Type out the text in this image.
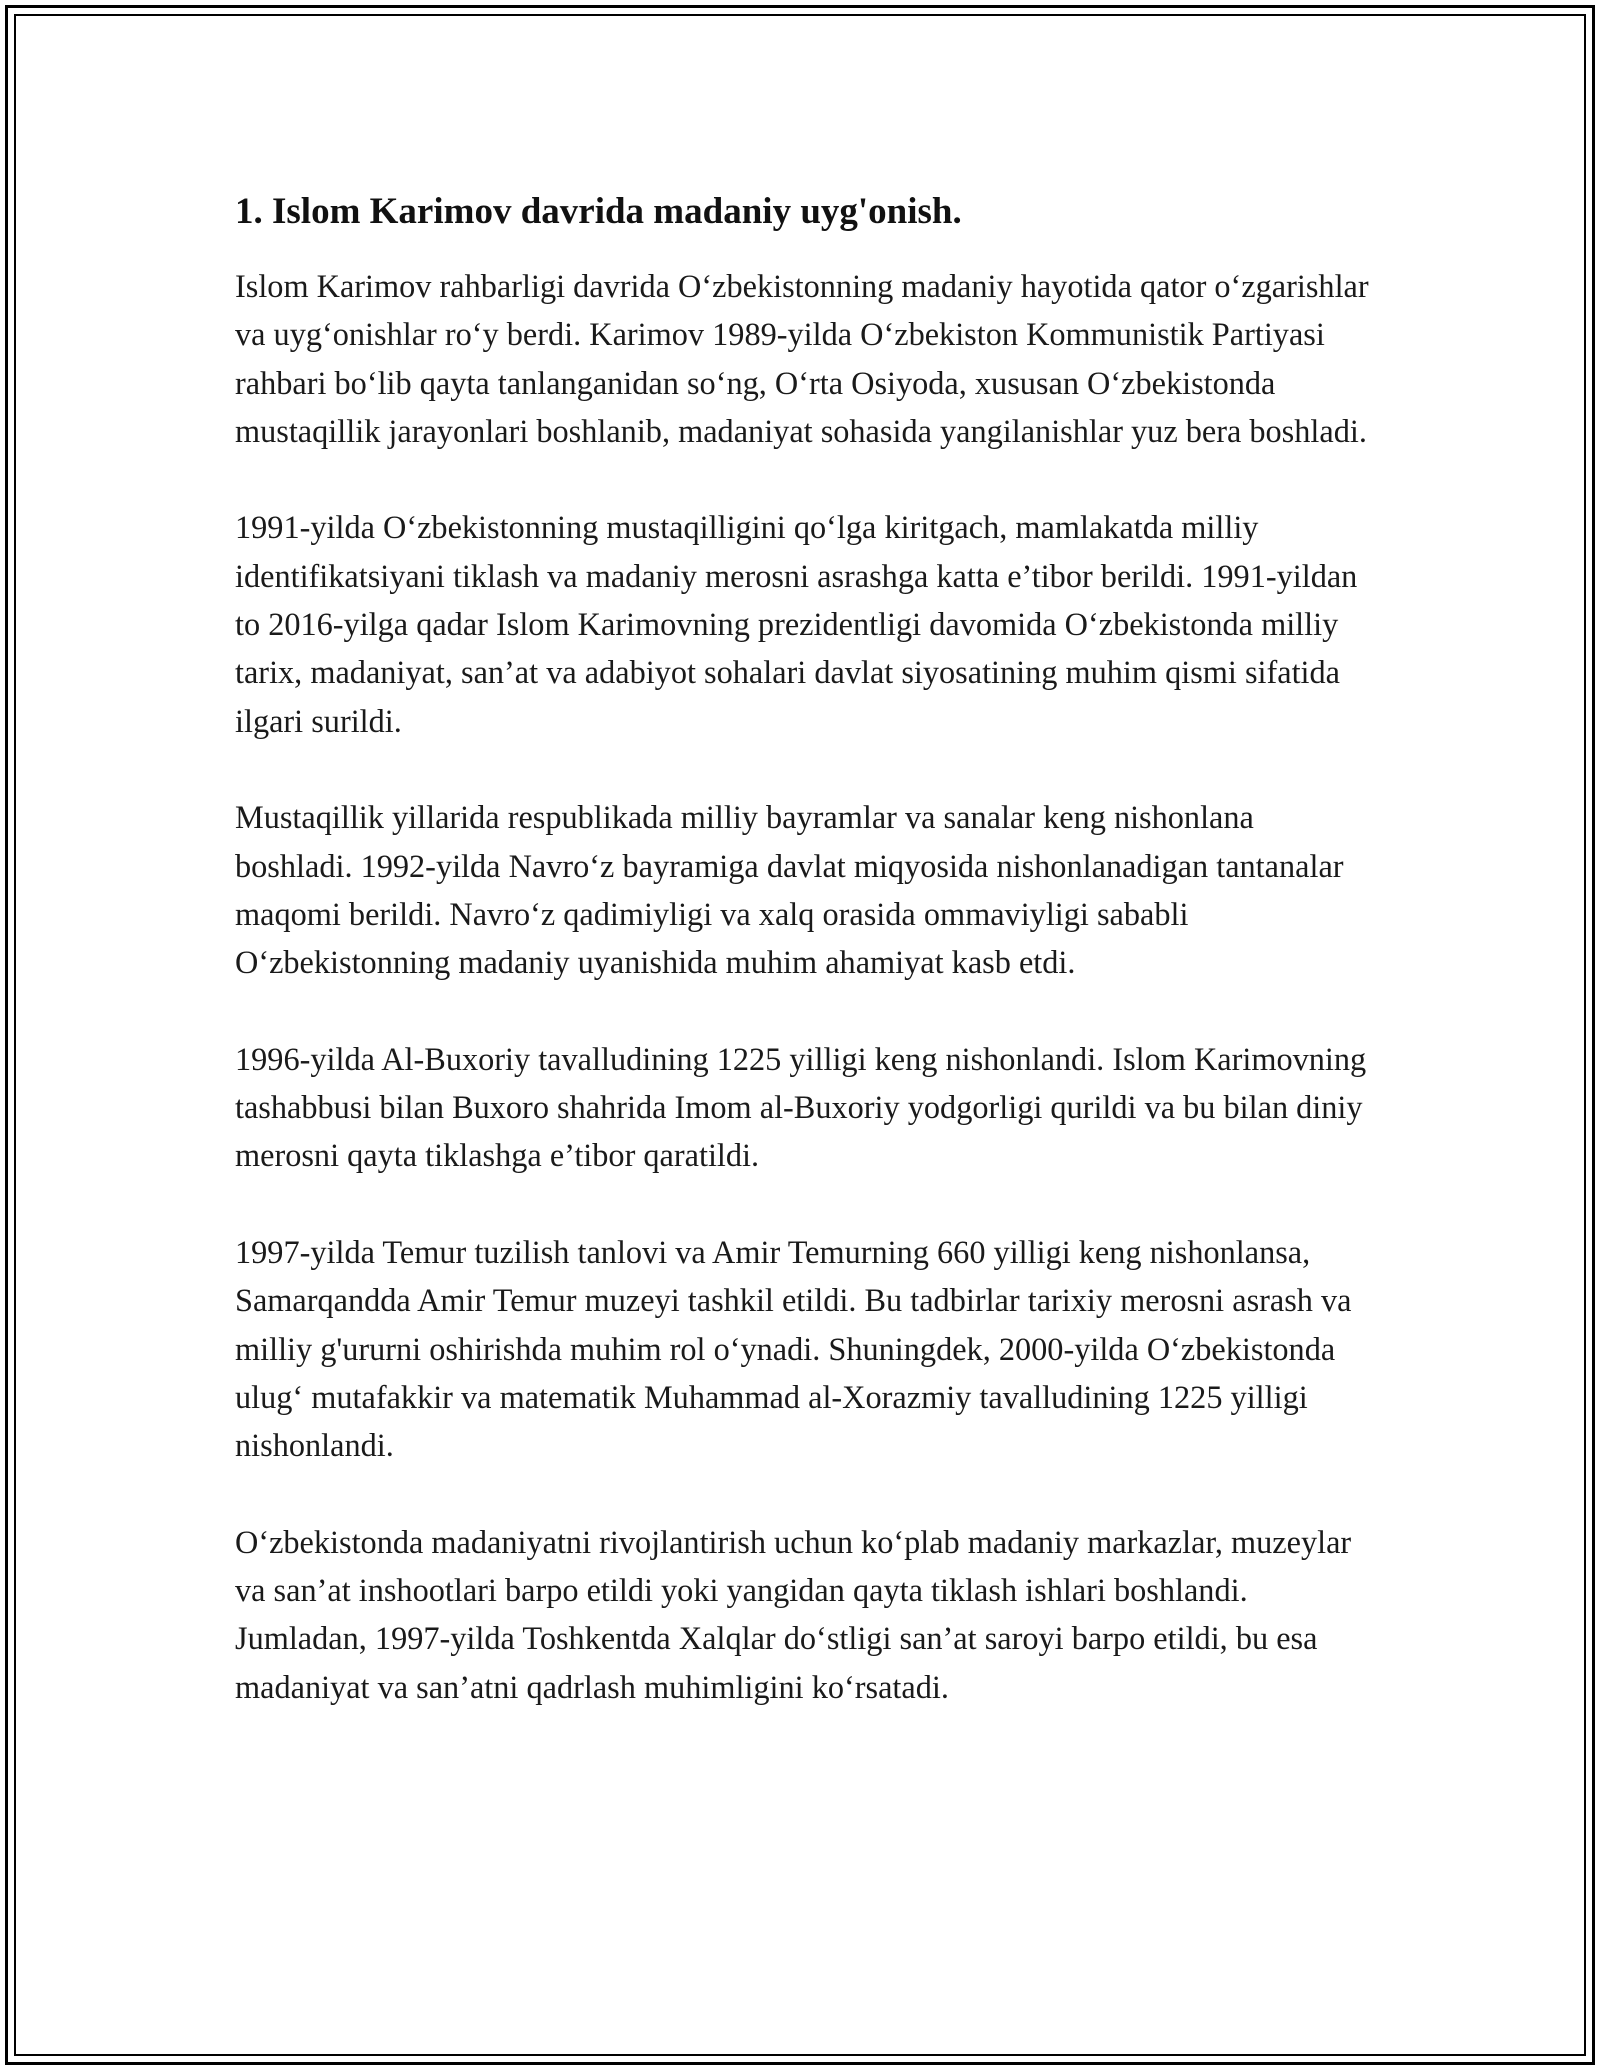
1. Islom Karimov davrida madaniy uyg'onish.

Islom Karimov rahbarligi davrida O‘zbekistonning madaniy hayotida qator o‘zgarishlar va uyg‘onishlar ro‘y berdi. Karimov 1989-yilda O‘zbekiston Kommunistik Partiyasi rahbari bo‘lib qayta tanlanganidan so‘ng, O‘rta Osiyoda, xususan O‘zbekistonda mustaqillik jarayonlari boshlanib, madaniyat sohasida yangilanishlar yuz bera boshladi.

1991-yilda O‘zbekistonning mustaqilligini qo‘lga kiritgach, mamlakatda milliy identifikatsiyani tiklash va madaniy merosni asrashga katta e’tibor berildi. 1991-yildan to 2016-yilga qadar Islom Karimovning prezidentligi davomida O‘zbekistonda milliy tarix, madaniyat, san’at va adabiyot sohalari davlat siyosatining muhim qismi sifatida ilgari surildi.

Mustaqillik yillarida respublikada milliy bayramlar va sanalar keng nishonlana boshladi. 1992-yilda Navro‘z bayramiga davlat miqyosida nishonlanadigan tantanalar maqomi berildi. Navro‘z qadimiyligi va xalq orasida ommaviyligi sababli O‘zbekistonning madaniy uyanishida muhim ahamiyat kasb etdi.

1996-yilda Al-Buxoriy tavalludining 1225 yilligi keng nishonlandi. Islom Karimovning tashabbusi bilan Buxoro shahrida Imom al-Buxoriy yodgorligi qurildi va bu bilan diniy merosni qayta tiklashga e’tibor qaratildi.

1997-yilda Temur tuzilish tanlovi va Amir Temurning 660 yilligi keng nishonlansa, Samarqandda Amir Temur muzeyi tashkil etildi. Bu tadbirlar tarixiy merosni asrash va milliy g'ururni oshirishda muhim rol o‘ynadi. Shuningdek, 2000-yilda O‘zbekistonda ulug‘ mutafakkir va matematik Muhammad al-Xorazmiy tavalludining 1225 yilligi nishonlandi.

O‘zbekistonda madaniyatni rivojlantirish uchun ko‘plab madaniy markazlar, muzeylar va san’at inshootlari barpo etildi yoki yangidan qayta tiklash ishlari boshlandi. Jumladan, 1997-yilda Toshkentda Xalqlar do‘stligi san’at saroyi barpo etildi, bu esa madaniyat va san’atni qadrlash muhimligini ko‘rsatadi.
